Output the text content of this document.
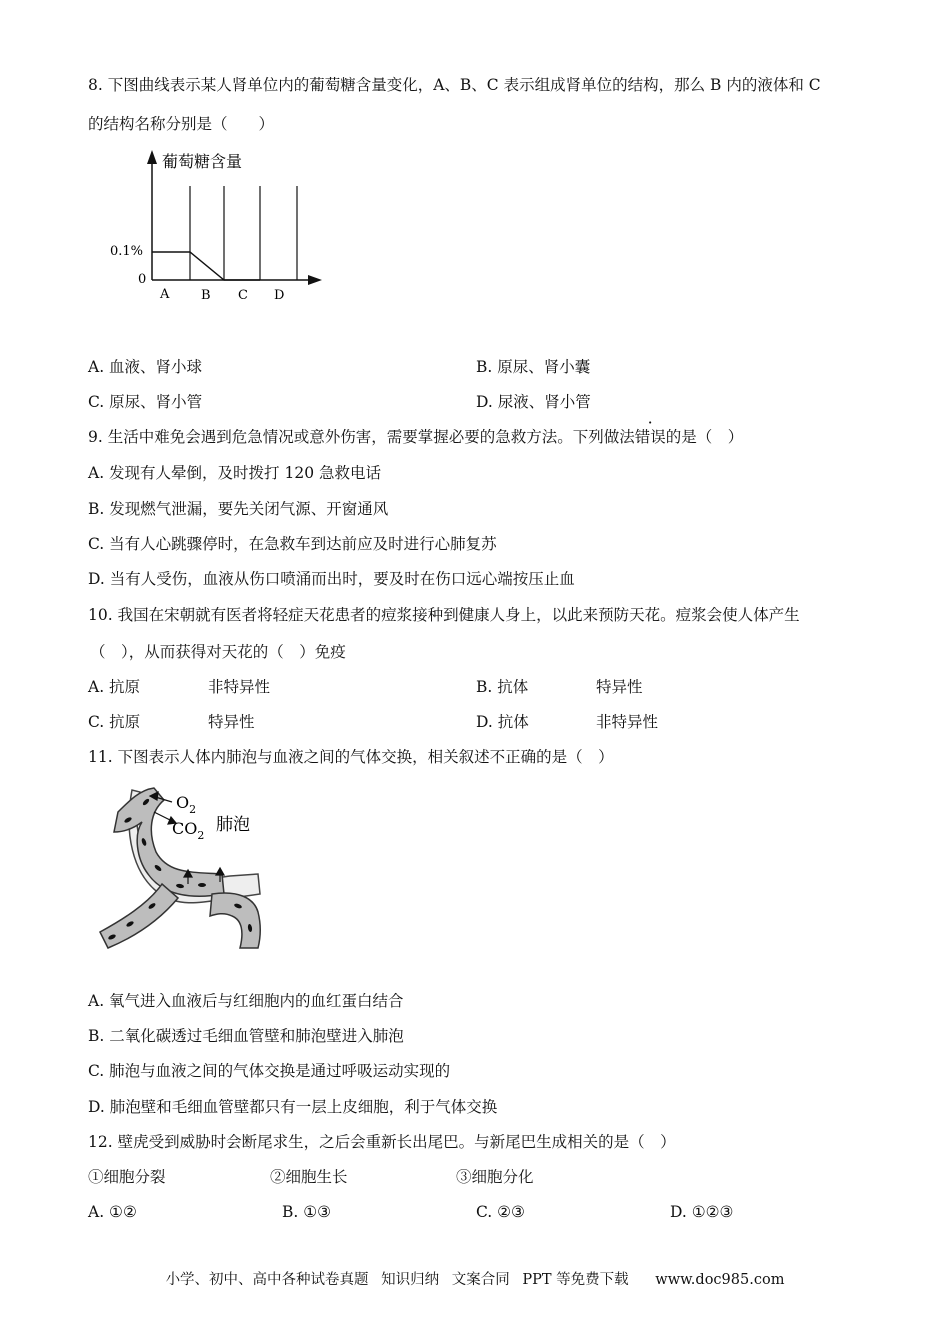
8. 下图曲线表示某人肾单位内的葡萄糖含量变化，A、B、C 表示组成肾单位的结构，那么 B 内的液体和 C
的结构名称分别是（　　）
葡萄糖含量
0.1%
0
A B C D
A. 血液、肾小球	B. 原尿、肾小囊
C. 原尿、肾小管	D. 尿液、肾小管
9. 生活中难免会遇到危急情况或意外伤害，需要掌握必要的急救方法。下列做法错误的是（　）
A. 发现有人晕倒，及时拨打 120 急救电话
B. 发现燃气泄漏，要先关闭气源、开窗通风
C. 当有人心跳骤停时，在急救车到达前应及时进行心肺复苏
D. 当有人受伤，血液从伤口喷涌而出时，要及时在伤口远心端按压止血
10. 我国在宋朝就有医者将轻症天花患者的痘浆接种到健康人身上，以此来预防天花。痘浆会使人体产生
（　），从而获得对天花的（　）免疫
A. 抗原	非特异性	B. 抗体	特异性
C. 抗原	特异性	D. 抗体	非特异性
11. 下图表示人体内肺泡与血液之间的气体交换，相关叙述不正确的是（　）
$O_2$
$CO_2$
肺泡
A. 氧气进入血液后与红细胞内的血红蛋白结合
B. 二氧化碳透过毛细血管壁和肺泡壁进入肺泡
C. 肺泡与血液之间的气体交换是通过呼吸运动实现的
D. 肺泡壁和毛细血管壁都只有一层上皮细胞，利于气体交换
12. 壁虎受到威胁时会断尾求生，之后会重新长出尾巴。与新尾巴生成相关的是（　）
①细胞分裂	②细胞生长	③细胞分化
A. ①②	B. ①③	C. ②③	D. ①②③
小学、初中、高中各种试卷真题 知识归纳 文案合同 PPT 等免费下载 www.doc985.com
